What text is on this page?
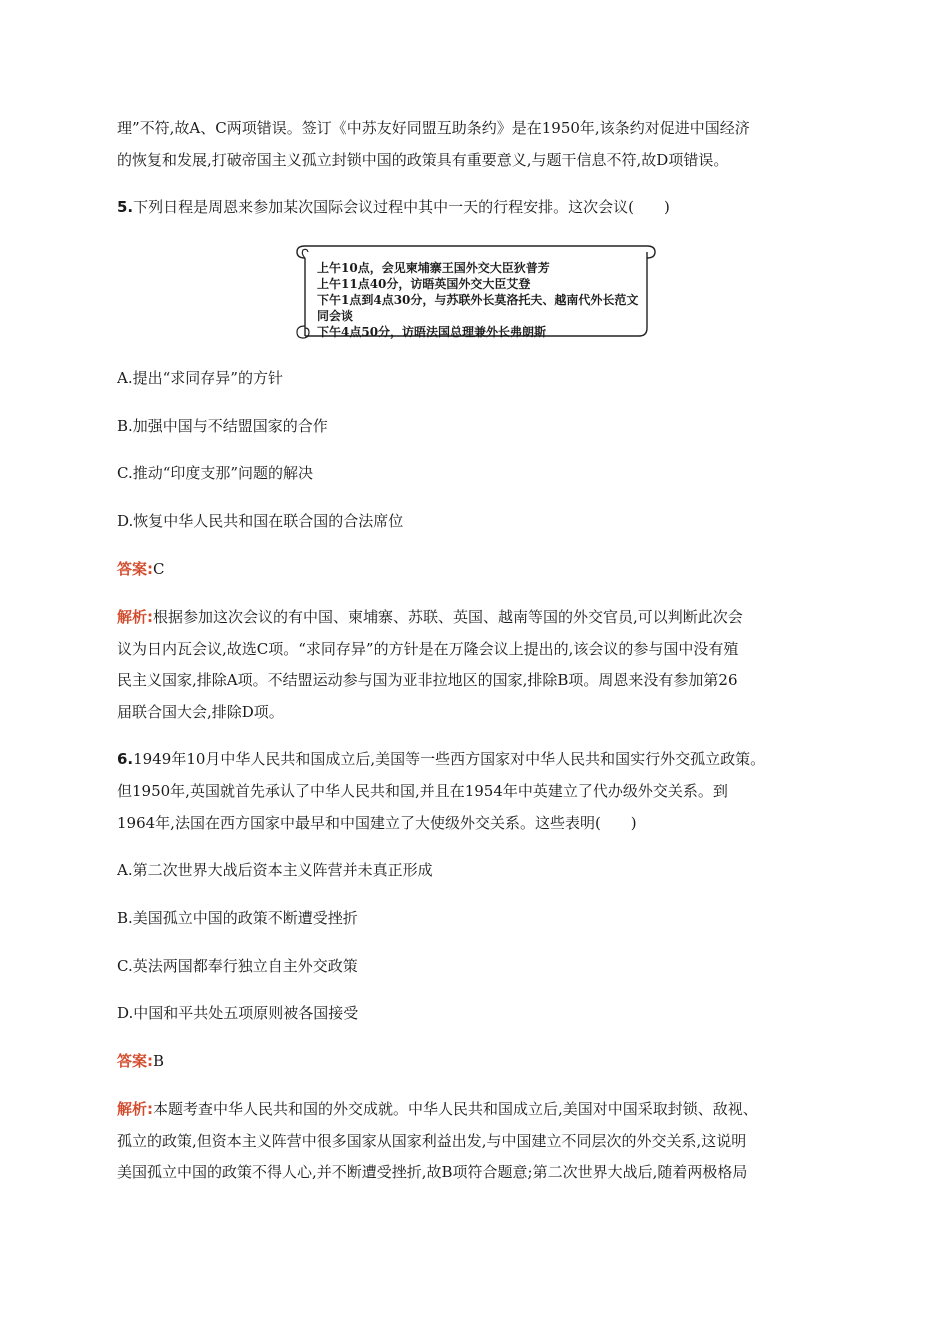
理”不符,故A、C两项错误。签订《中苏友好同盟互助条约》是在1950年,该条约对促进中国经济
的恢复和发展,打破帝国主义孤立封锁中国的政策具有重要意义,与题干信息不符,故D项错误。
5.下列日程是周恩来参加某次国际会议过程中其中一天的行程安排。这次会议(　　)
上午10点，会见柬埔寨王国外交大臣狄普芳
上午11点40分，访晤英国外交大臣艾登
下午1点到4点30分，与苏联外长莫洛托夫、越南代外长范文
同会谈
下午4点50分，访晤法国总理兼外长弗朗斯
A.提出“求同存异”的方针
B.加强中国与不结盟国家的合作
C.推动“印度支那”问题的解决
D.恢复中华人民共和国在联合国的合法席位
答案:C
解析:根据参加这次会议的有中国、柬埔寨、苏联、英国、越南等国的外交官员,可以判断此次会
议为日内瓦会议,故选C项。“求同存异”的方针是在万隆会议上提出的,该会议的参与国中没有殖
民主义国家,排除A项。不结盟运动参与国为亚非拉地区的国家,排除B项。周恩来没有参加第26
届联合国大会,排除D项。
6.1949年10月中华人民共和国成立后,美国等一些西方国家对中华人民共和国实行外交孤立政策。
但1950年,英国就首先承认了中华人民共和国,并且在1954年中英建立了代办级外交关系。到
1964年,法国在西方国家中最早和中国建立了大使级外交关系。这些表明(　　)
A.第二次世界大战后资本主义阵营并未真正形成
B.美国孤立中国的政策不断遭受挫折
C.英法两国都奉行独立自主外交政策
D.中国和平共处五项原则被各国接受
答案:B
解析:本题考查中华人民共和国的外交成就。中华人民共和国成立后,美国对中国采取封锁、敌视、
孤立的政策,但资本主义阵营中很多国家从国家利益出发,与中国建立不同层次的外交关系,这说明
美国孤立中国的政策不得人心,并不断遭受挫折,故B项符合题意;第二次世界大战后,随着两极格局
